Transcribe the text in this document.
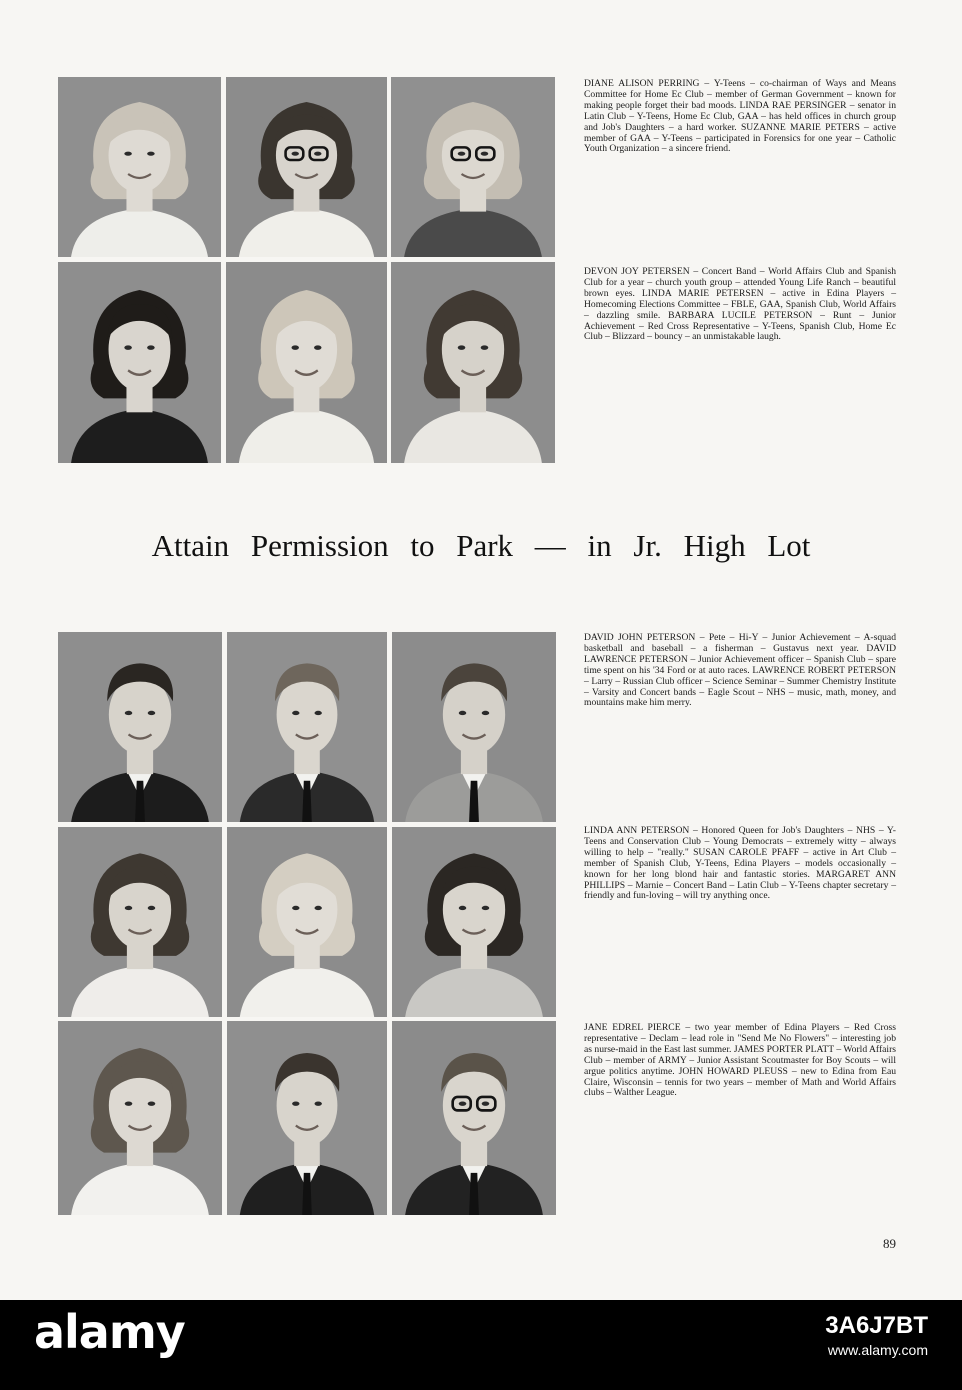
DIANE ALISON PERRING – Y-Teens – co-chairman of Ways and Means Committee for Home Ec Club – member of German Government – known for making people forget their bad moods. LINDA RAE PERSINGER – senator in Latin Club – Y-Teens, Home Ec Club, GAA – has held offices in church group and Job's Daughters – a hard worker. SUZANNE MARIE PETERS – active member of GAA – Y-Teens – participated in Forensics for one year – Catholic Youth Organization – a sincere friend.
DEVON JOY PETERSEN – Concert Band – World Affairs Club and Spanish Club for a year – church youth group – attended Young Life Ranch – beautiful brown eyes. LINDA MARIE PETERSEN – active in Edina Players – Homecoming Elections Committee – FBLE, GAA, Spanish Club, World Affairs – dazzling smile. BARBARA LUCILE PETERSON – Runt – Junior Achievement – Red Cross Representative – Y-Teens, Spanish Club, Home Ec Club – Blizzard – bouncy – an unmistakable laugh.
DAVID JOHN PETERSON – Pete – Hi-Y – Junior Achievement – A-squad basketball and baseball – a fisherman – Gustavus next year. DAVID LAWRENCE PETERSON – Junior Achievement officer – Spanish Club – spare time spent on his '34 Ford or at auto races. LAWRENCE ROBERT PETERSON – Larry – Russian Club officer – Science Seminar – Summer Chemistry Institute – Varsity and Concert bands – Eagle Scout – NHS – music, math, money, and mountains make him merry.
LINDA ANN PETERSON – Honored Queen for Job's Daughters – NHS – Y-Teens and Conservation Club – Young Democrats – extremely witty – always willing to help – "really." SUSAN CAROLE PFAFF – active in Art Club – member of Spanish Club, Y-Teens, Edina Players – models occasionally – known for her long blond hair and fantastic stories. MARGARET ANN PHILLIPS – Marnie – Concert Band – Latin Club – Y-Teens chapter secretary – friendly and fun-loving – will try anything once.
JANE EDREL PIERCE – two year member of Edina Players – Red Cross representative – Declam – lead role in "Send Me No Flowers" – interesting job as nurse-maid in the East last summer. JAMES PORTER PLATT – World Affairs Club – member of ARMY – Junior Assistant Scoutmaster for Boy Scouts – will argue politics anytime. JOHN HOWARD PLEUSS – new to Edina from Eau Claire, Wisconsin – tennis for two years – member of Math and World Affairs clubs – Walther League.
Attain Permission to Park — in Jr. High Lot
89
alamy	3A6J7BT
www.alamy.com
